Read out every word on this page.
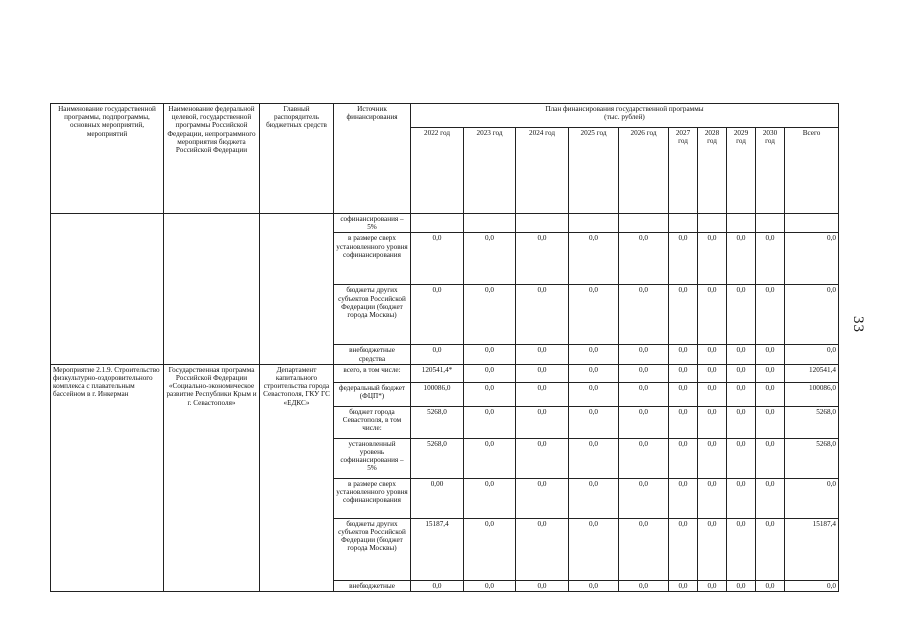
33
Наименование государственной программы, подпрограммы, основных мероприятий, мероприятий	Наименование федеральной целевой, государственной программы Российской Федерации, непрограммного мероприятия бюджета Российской Федерации	Главный распорядитель бюджетных средств	Источник финансирования	План финансирования государственной программы
(тыс. рублей)									

				2022 год	2023 год	2024 год	2025 год	2026 год	2027 год	2028 год	2029 год	2030 год	Всего
			софинансирования – 5%										
			в размере сверх установленного уровня софинансирования	0,0	0,0	0,0	0,0	0,0	0,0	0,0	0,0	0,0	0,0
			бюджеты других субъектов Российской Федерации (бюджет города Москвы)	0,0	0,0	0,0	0,0	0,0	0,0	0,0	0,0	0,0	0,0
			внебюджетные средства	0,0	0,0	0,0	0,0	0,0	0,0	0,0	0,0	0,0	0,0
Мероприятие 2.1.9. Строительство физкультурно-оздоровительного комплекса с плавательным бассейном в г. Инкерман	Государственная программа Российской Федерации «Социально-экономическое развитие Республики Крым и г. Севастополя»	Департамент капитального строительства города Севастополя, ГКУ ГС «ЕДКС»	всего, в том числе:	120541,4*	0,0	0,0	0,0	0,0	0,0	0,0	0,0	0,0	120541,4
			федеральный бюджет (ФЦП*)	100086,0	0,0	0,0	0,0	0,0	0,0	0,0	0,0	0,0	100086,0
			бюджет города Севастополя, в том числе:	5268,0	0,0	0,0	0,0	0,0	0,0	0,0	0,0	0,0	5268,0
			установленный уровень софинансирования – 5%	5268,0	0,0	0,0	0,0	0,0	0,0	0,0	0,0	0,0	5268,0
			в размере сверх установленного уровня софинансирования	0,00	0,0	0,0	0,0	0,0	0,0	0,0	0,0	0,0	0,0
			бюджеты других субъектов Российской Федерации (бюджет города Москвы)	15187,4	0,0	0,0	0,0	0,0	0,0	0,0	0,0	0,0	15187,4
			внебюджетные	0,0	0,0	0,0	0,0	0,0	0,0	0,0	0,0	0,0	0,0
